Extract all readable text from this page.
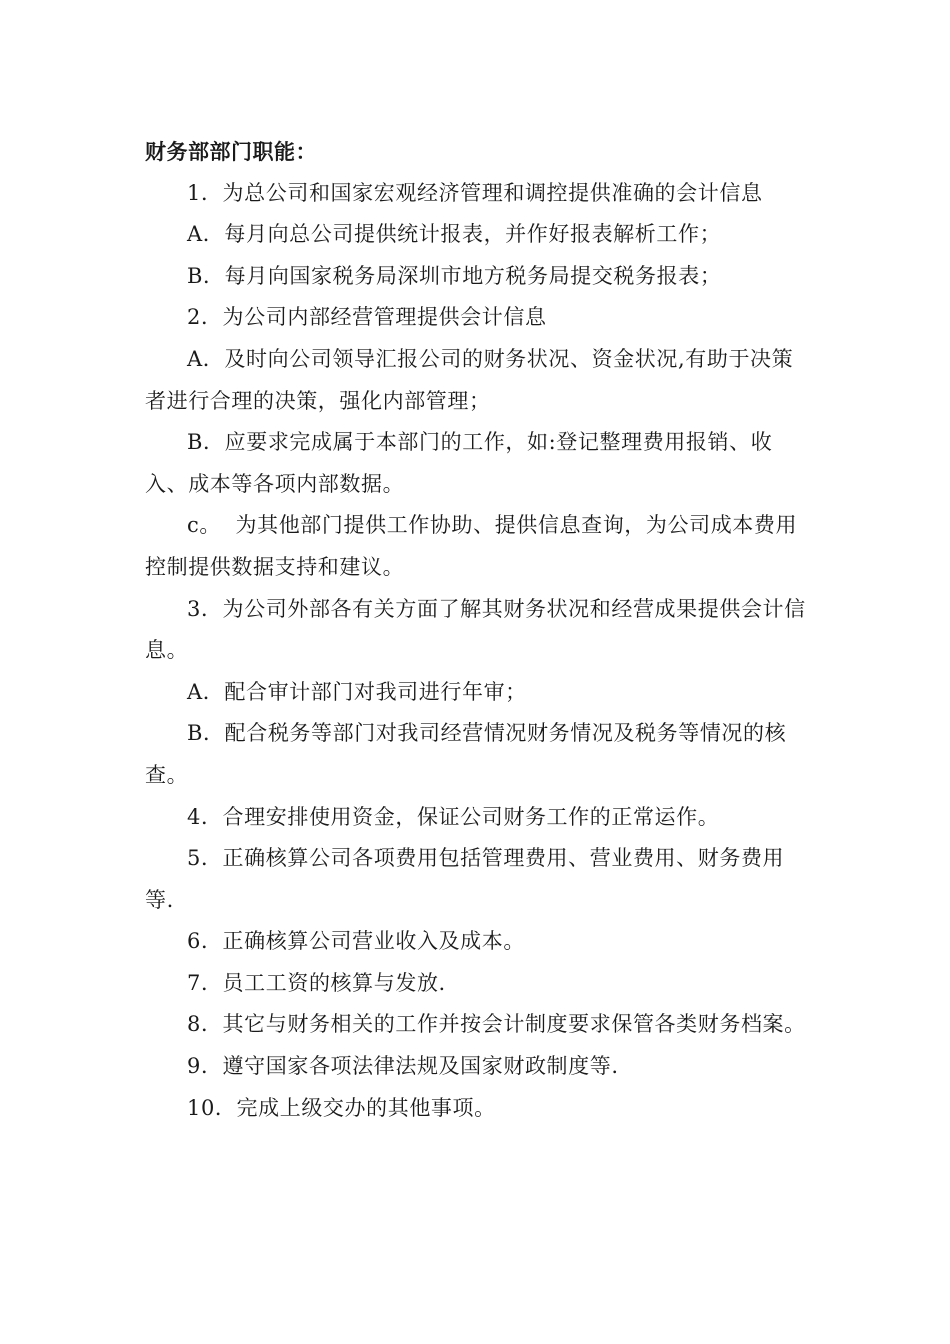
财务部部门职能：

1．为总公司和国家宏观经济管理和调控提供准确的会计信息

A．每月向总公司提供统计报表，并作好报表解析工作；

B．每月向国家税务局深圳市地方税务局提交税务报表；

2．为公司内部经营管理提供会计信息

A．及时向公司领导汇报公司的财务状况、资金状况,有助于决策者进行合理的决策，强化内部管理；

B．应要求完成属于本部门的工作，如:登记整理费用报销、收入、成本等各项内部数据。

c。  为其他部门提供工作协助、提供信息查询，为公司成本费用控制提供数据支持和建议。

3．为公司外部各有关方面了解其财务状况和经营成果提供会计信息。

A．配合审计部门对我司进行年审；

B．配合税务等部门对我司经营情况财务情况及税务等情况的核查。

4．合理安排使用资金，保证公司财务工作的正常运作。

5．正确核算公司各项费用包括管理费用、营业费用、财务费用等.

6．正确核算公司营业收入及成本。

7．员工工资的核算与发放.

8．其它与财务相关的工作并按会计制度要求保管各类财务档案。

9．遵守国家各项法律法规及国家财政制度等.

10．完成上级交办的其他事项。
